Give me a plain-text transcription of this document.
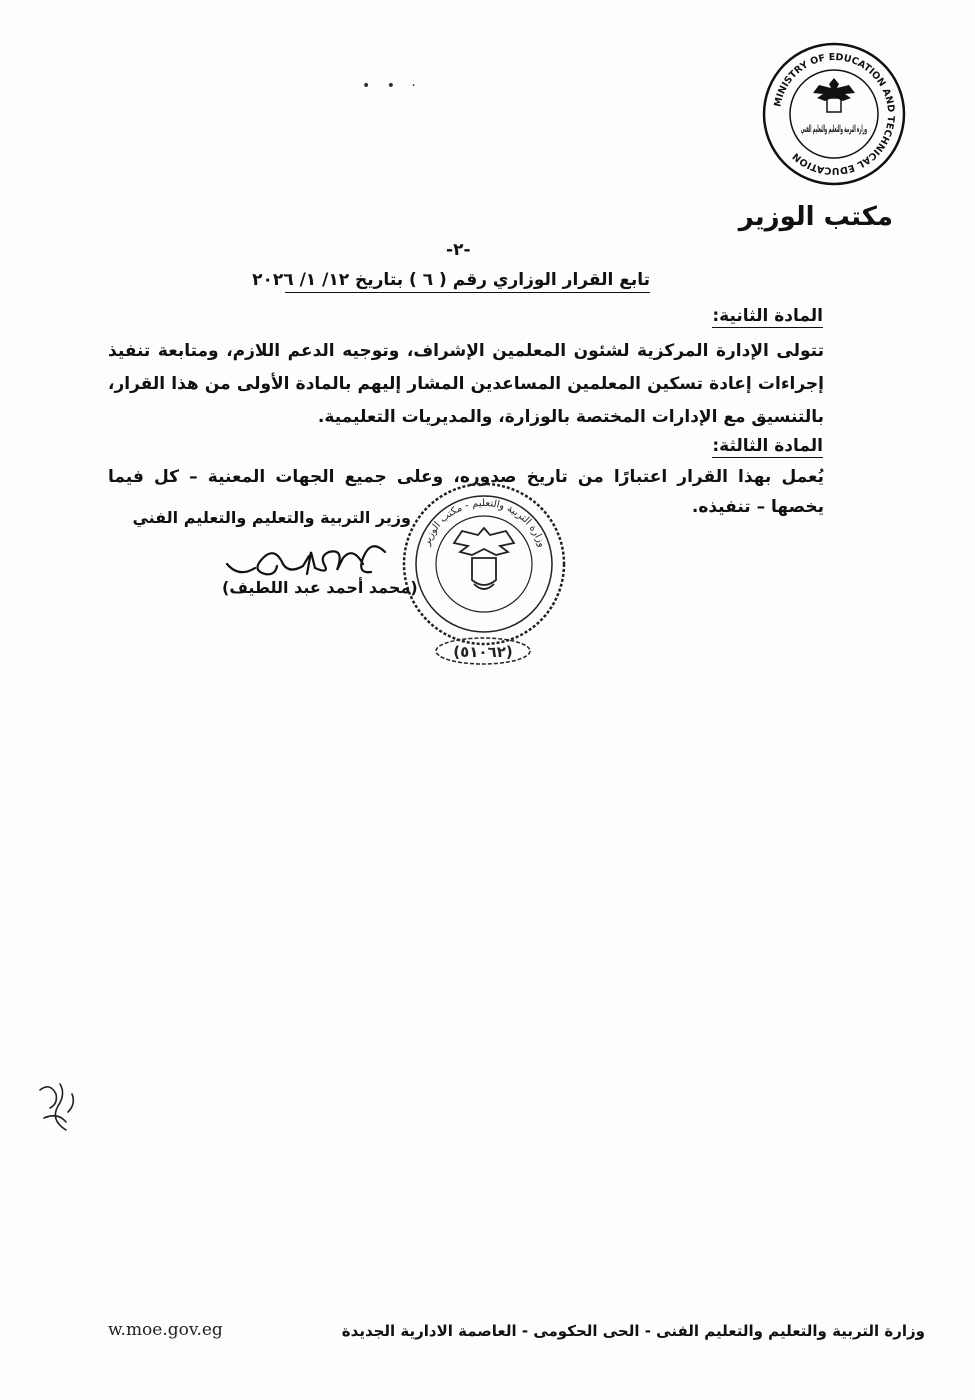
MINISTRY OF EDUCATION AND TECHNICAL EDUCATION
وزارة التربية والتعليم والتعليم الفني
• • ·
مكتب الوزير
-٢-
تابع القرار الوزاري رقم ( ٦ ) بتاريخ ١٢/ ١/ ٢٠٢٦
المادة الثانية:
تتولى الإدارة المركزية لشئون المعلمين الإشراف، وتوجيه الدعم اللازم، ومتابعة تنفيذ إجراءات إعادة تسكين المعلمين المساعدين المشار إليهم بالمادة الأولى من هذا القرار، بالتنسيق مع الإدارات المختصة بالوزارة، والمديريات التعليمية.
المادة الثالثة:
يُعمل بهذا القرار اعتبارًا من تاريخ صدوره، وعلى جميع الجهات المعنية – كل فيما يخصها – تنفيذه.
وزارة التربية والتعليم - مكتب الوزير
وزير التربية والتعليم والتعليم الفني
(محمد أحمد عبد اللطيف)
(٥١٠٦٢)
w.moe.gov.eg	وزارة التربية والتعليم والتعليم الفنى - الحى الحكومى - العاصمة الادارية الجديدة
